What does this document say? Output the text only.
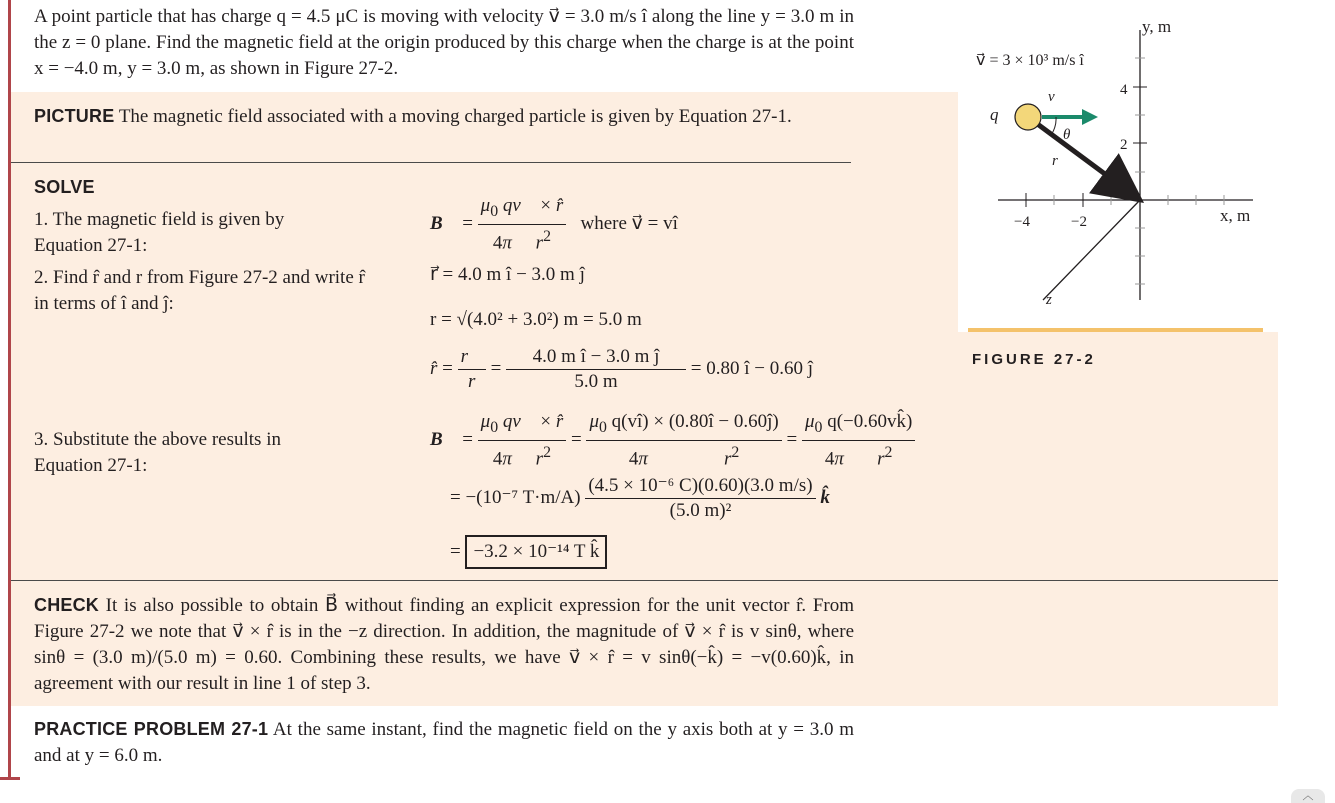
A point particle that has charge q = 4.5 μC is moving with velocity v⃗ = 3.0 m/s î along the line y = 3.0 m in the z = 0 plane. Find the magnetic field at the origin produced by this charge when the charge is at the point x = −4.0 m, y = 3.0 m, as shown in Figure 27-2.
PICTURE The magnetic field associated with a moving charged particle is given by Equation 27-1.
SOLVE
1. The magnetic field is given by Equation 27-1:
2. Find r̂ and r from Figure 27-2 and write r̂ in terms of î and ĵ:
3. Substitute the above results in Equation 27-1:
B⃗ = $\frac{\mu_0 qv⃗ \times r̂}{4\pi r^2}$ where v⃗ = vî
r⃗ = 4.0 m î − 3.0 m ĵ
r = √(4.0² + 3.0²) m = 5.0 m
r̂ = $\frac{r⃗}{r} = \frac{\text{4.0 m î − 3.0 m ĵ}}{5.0 m} = 0.80$ î − 0.60 ĵ
B⃗ = $\frac{\mu_0 qv⃗ \times r̂}{4\pi r^2} = \mu_0$ q(vî) × (0.80î − 0.60ĵ)
4π	$r^2 = \frac{\mu_0 q(-0.60vk̂)}{4\pi r^2}$
= −(10⁻⁷ $T\cdot m/A) \frac{\text{(4.5 × 10⁻⁶ C)(0.60)(3.0 m/s)}}{\text{(5.0 m)²}}$ k̂
= −3.2 × 10⁻¹⁴ T k̂
CHECK It is also possible to obtain B⃗ without finding an explicit expression for the unit vector r̂. From Figure 27-2 we note that v⃗ × r̂ is in the −z direction. In addition, the magnitude of v⃗ × r̂ is v sinθ, where sinθ = (3.0 m)/(5.0 m) = 0.60. Combining these results, we have v⃗ × r̂ = v sinθ(−k̂) = −v(0.60)k̂, in agreement with our result in line 1 of step 3.
PRACTICE PROBLEM 27-1 At the same instant, find the magnetic field on the y axis both at y = 3.0 m and at y = 6.0 m.
y, m
x, m
z
v⃗ = 3 × 10³ m/s î
q
v⃗
r⃗
θ
4
2
−4	−2
FIGURE 27-2
︿
